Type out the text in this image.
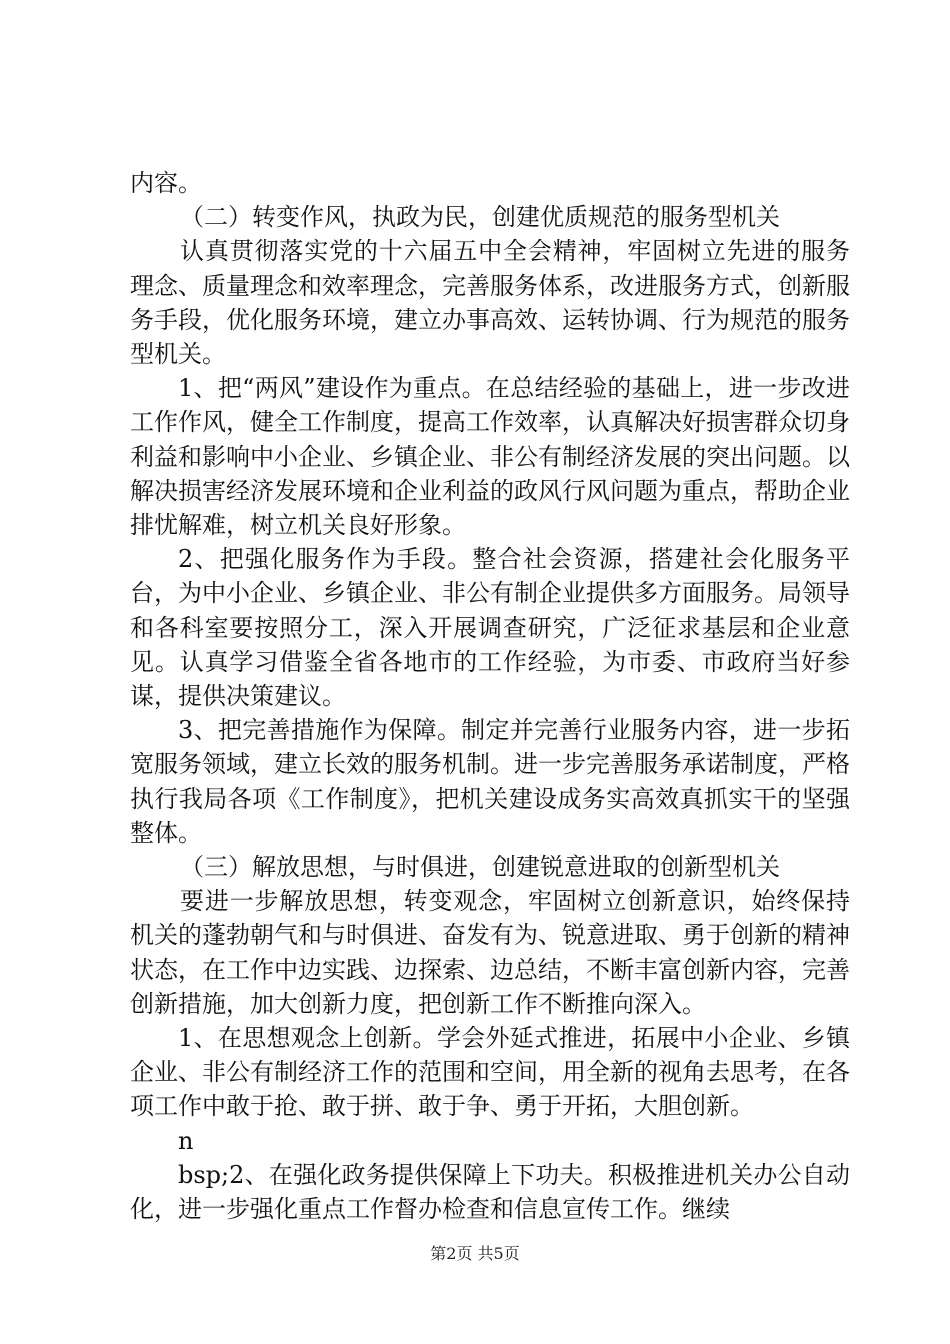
内容。

（二）转变作风，执政为民，创建优质规范的服务型机关

认真贯彻落实党的十六届五中全会精神，牢固树立先进的服务理念、质量理念和效率理念，完善服务体系，改进服务方式，创新服务手段，优化服务环境，建立办事高效、运转协调、行为规范的服务型机关。

1、把“两风”建设作为重点。在总结经验的基础上，进一步改进工作作风，健全工作制度，提高工作效率，认真解决好损害群众切身利益和影响中小企业、乡镇企业、非公有制经济发展的突出问题。以解决损害经济发展环境和企业利益的政风行风问题为重点，帮助企业排忧解难，树立机关良好形象。

2、把强化服务作为手段。整合社会资源，搭建社会化服务平台，为中小企业、乡镇企业、非公有制企业提供多方面服务。局领导和各科室要按照分工，深入开展调查研究，广泛征求基层和企业意见。认真学习借鉴全省各地市的工作经验，为市委、市政府当好参谋，提供决策建议。

3、把完善措施作为保障。制定并完善行业服务内容，进一步拓宽服务领域，建立长效的服务机制。进一步完善服务承诺制度，严格执行我局各项《工作制度》，把机关建设成务实高效真抓实干的坚强整体。

（三）解放思想，与时俱进，创建锐意进取的创新型机关

要进一步解放思想，转变观念，牢固树立创新意识，始终保持机关的蓬勃朝气和与时俱进、奋发有为、锐意进取、勇于创新的精神状态，在工作中边实践、边探索、边总结，不断丰富创新内容，完善创新措施，加大创新力度，把创新工作不断推向深入。

1、在思想观念上创新。学会外延式推进，拓展中小企业、乡镇企业、非公有制经济工作的范围和空间，用全新的视角去思考，在各项工作中敢于抢、敢于拼、敢于争、勇于开拓，大胆创新。

n

bsp;2、在强化政务提供保障上下功夫。积极推进机关办公自动化，进一步强化重点工作督办检查和信息宣传工作。继续

第2页 共5页
